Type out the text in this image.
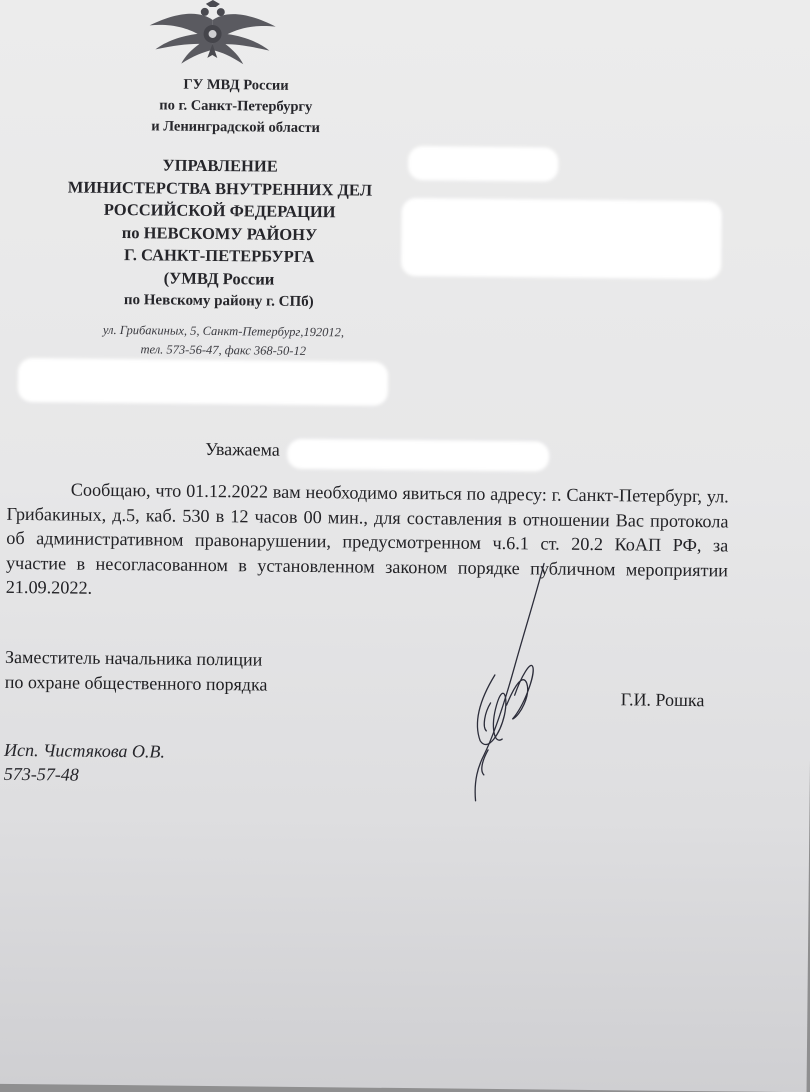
ГУ МВД России
по г. Санкт-Петербургу
и Ленинградской области
УПРАВЛЕНИЕ
МИНИСТЕРСТВА ВНУТРЕННИХ ДЕЛ
РОССИЙСКОЙ ФЕДЕРАЦИИ
по НЕВСКОМУ РАЙОНУ
Г. САНКТ-ПЕТЕРБУРГА
(УМВД России
по Невскому району г. СПб)
ул. Грибакиных, 5, Санкт-Петербург,192012,
тел. 573-56-47, факс 368-50-12
Уважаема
Сообщаю, что 01.12.2022 вам необходимо явиться по адресу: г. Санкт-Петербург, ул. Грибакиных, д.5, каб. 530 в 12 часов 00 мин., для составления в отношении Вас протокола об административном правонарушении, предусмотренном ч.6.1 ст. 20.2 КоАП РФ, за участие в несогласованном в установленном законом порядке публичном мероприятии 21.09.2022.
Заместитель начальника полиции
по охране общественного порядка
Г.И. Рошка
Исп. Чистякова О.В.
573-57-48
